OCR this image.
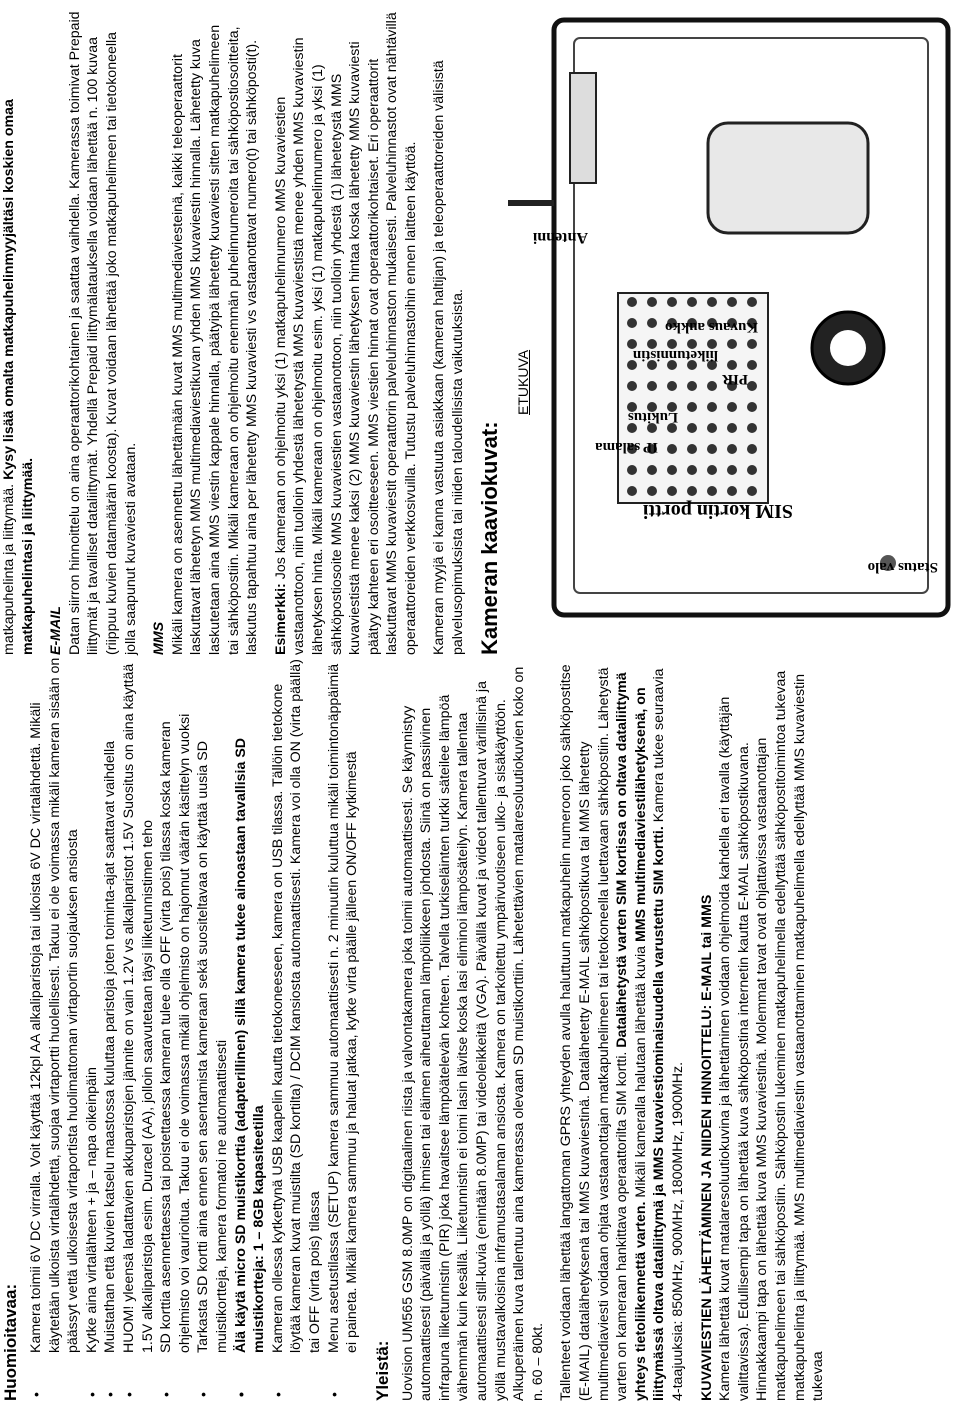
Huomioitavaa: • Kamera toimii 6V DC virralla. Voit käyttää 12kpl AA alkaliparistoja tai ulkoista 6V DC virtalähdettä. Mikäli käytetään ulkoista virtalähdettä, suojaa virtaportti huolellisesti. Takuu ei ole voimassa mikäli kameran sisään on päässyt vettä ulkoisesta virtaportista huolimattoman virtaportin suojauksen ansiosta • Kytke aina virtalähteen + ja – napa oikeinpäin • Muistathan että kuvien katselu maastossa kuluttaa paristoja joten toiminta-ajat saattavat vaihdella • HUOM! yleensä ladattavien akkuparistojen jännite on vain 1.2V vs alkaliparistot 1.5V Suositus on aina käyttää 1.5V alkaliparistoja esim. Duracel (AA), jolloin saavutetaan täysi liiketunnistimen teho • SD korttia asennettaessa tai poistettaessa kameran tulee olla OFF (virta pois) tilassa koska kameran ohjelmisto voi vaurioitua. Takuu ei ole voimassa mikäli ohjelmisto on hajonnut väärän käsittelyn vuoksi • Tarkasta SD kortti aina ennen sen asentamista kameraan sekä suositeltavaa on käyttää uusia SD muistikortteja, kamera formatoi ne automaattisesti • Älä käytä micro SD muistikorttia (adapterillinen) sillä kamera tukee ainoastaan tavallisia SD muistikortteja: 1 – 8GB kapasiteetilla • Kameran ollessa kytkettynä USB kaapelin kautta tietokoneeseen, kamera on USB tilassa. Tällöin tietokone löytää kameran kuvat muistilta (SD kortilta) / DCIM kansiosta automaattisesti. Kamera voi olla ON (virta päällä) tai OFF (virta pois) tilassa • Menu asetustilassa (SETUP) kamera sammuu automaattisesti n. 2 minuutin kuluttua mikäli toimintonäppäimiä ei paineta. Mikäli kamera sammuu ja haluat jatkaa, kytke virta päälle jälleen ON/OFF kytkimestä
Yleistä: Uovision UM565 GSM 8.0MP on digitaalinen riista ja valvontakamera joka toimii automaattisesti. Se käynnistyy automaattisesti (päivällä ja yöllä) ihmisen tai eläimen aiheuttaman lämpöliikkeen johdosta. Siinä on passiivinen infrapuna liiketunnistin (PIR) joka havaitsee lämpöätelevän kohteen. Talvella turkiseläinten turkki säteilee lämpöä vähemmän kuin kesällä. Liiketunnistin ei toimi lasin lävitse koska lasi eliminoi lämpösäteilyn. Kamera tallentaa automaattisesti still-kuvia (enintään 8.0MP) tai videoleikkeitä (VGA). Päivällä kuvat ja videot tallentuvat värillisinä ja yöllä mustavalkoisina inframustasalaman ansiosta. Kamera on tarkoitettu ympärivuotiseen ulko- ja sisäkäyttöön. Alkuperäinen kuva tallentuu aina kamerassa olevaan SD muistikorttiin. Lähetettävien matalaresoluutiokuvien koko on n. 60 – 80kt. Tallenteet voidaan lähettää langattoman GPRS yhteyden avulla haluttuun matkapuhelin numeroon joko sähköpostitse (E-MAIL) datalähetyksenä tai MMS kuvaviestinä. Datalähetetty E-MAIL sähköpostikuva tai MMS lähetetty multimediaviesti voidaan ohjata vastaanottajan matkapuhelimeen tai tietokoneella luettavaan sähköpostiin. Lähetystä varten on kameraan hankittava operaattorilta SIM kortti. Datalähetystä varten SIM kortissa on oltava dataliittymä yhteys tietoliikennettä varten. Mikäli kameralla halutaan lähettää kuvia MMS multimediaviestilähetyksenä, on liittymässä oltava dataliittymä ja MMS kuvaviestiominaisuudella varustettu SIM kortti. Kamera tukee seuraavia 4-taajuuksia: 850MHz, 900MHz, 1800MHz, 1900MHz. KUVAVIESTIEN LÄHETTÄMINEN JA NIIDEN HINNOITTELU: E-MAIL tai MMS Kamera lähettää kuvat matalaresoluutiokuvina ja lähettäminen voidaan ohjelmoida kahdella eri tavalla (käyttäjän valittavissa). Edullisempi tapa on lähettää kuva sähköpostina internetin kautta E-MAIL sähköpostikuvana. Hinnakkaampi tapa on lähettää kuva MMS kuvaviestinä. Molemmat tavat ovat ohjattavissa vastaanottajan matkapuhelimeen tai sähköpostiin. Sähköpostin lukeminen matkapuhelimella edellyttää sähköpostitoimintoa tukevaa matkapuhelinta ja liittymää. MMS multimediaviestin vastaanottaminen matkapuhelimella edellyttää MMS kuvaviestin tukevaa

matkapuhelinta ja liittymää. Kysy lisää omalta matkapuhelinmyyjältäsi koskien omaa matkapuhelintasi ja liittymää. E-MAIL Datan siirron hinnoittelu on aina operaattorikohtainen ja saattaa vaihdella. Kamerassa toimivat Prepaid liittymät ja tavalliset dataliittymät. Yhdellä Prepaid liittymälatauksella voidaan lähettää n. 100 kuvaa (riippuu kuvien datamäärän koosta). Kuvat voidaan lähettää joko matkapuhelimeen tai tietokoneella jolla saapunut kuvaviesti avataan. MMS Mikäli kamera on asennettu lähettämään kuvat MMS multimediaviesteinä, kaikki teleoperaattorit laskuttavat lähetetyn MMS multimediaviestikuvan yhden MMS kuvaviestin hinnalla. Lähetetty kuva laskutetaan aina MMS viestin kappale hinnalla, päätyipä lähetetty kuvaviesti sitten matkapuhelimeen tai sähköpostiin. Mikäli kameraan on ohjelmoitu enemmän puhelinnumeroita tai sähköpostiosoitteita, laskutus tapahtuu aina per lähetetty MMS kuvaviesti vs vastaanottavat numero(t) tai sähköposti(t). Esimerkki: Jos kameraan on ohjelmoitu yksi (1) matkapuhelinnumero MMS kuvaviestien vastaanottoon, niin tuolloin yhdestä lähetetystä MMS kuvaviestistä menee yhden MMS kuvaviestin lähetyksen hinta. Mikäli kameraan on ohjelmoitu esim. yksi (1) matkapuhelinnumero ja yksi (1) sähköpostiosoite MMS kuvaviestien vastaanottoon, niin tuolloin yhdestä (1) lähetetystä MMS kuvaviestistä menee kaksi (2) MMS kuvaviestin lähetyksen hintaa koska lähetetty MMS kuvaviesti päätyy kahteen eri osoitteeseen. MMS viestien hinnat ovat operaattorikohtaiset. Eri operaattorit laskuttavat MMS kuvaviestit operaattorin palveluhinnaston mukaisesti. Palveluhinnastot ovat nähtävillä operaattoreiden verkkosivuilla. Tutustu palveluhinnastoihin ennen laitteen käyttöä. Kameran myyjä ei kanna vastuuta asiakkaan (kameran haltijan) ja teleoperaattoreiden välisistä palvelusopimuksista tai niiden taloudellisista vaikutuksista. Kameran kaaviokuvat:

ETUKUVA

Antenni
Status valo
IP salama
Lukitus
PIR
liiketunnistin
SIM kortin portti
Kuvaus aukko
